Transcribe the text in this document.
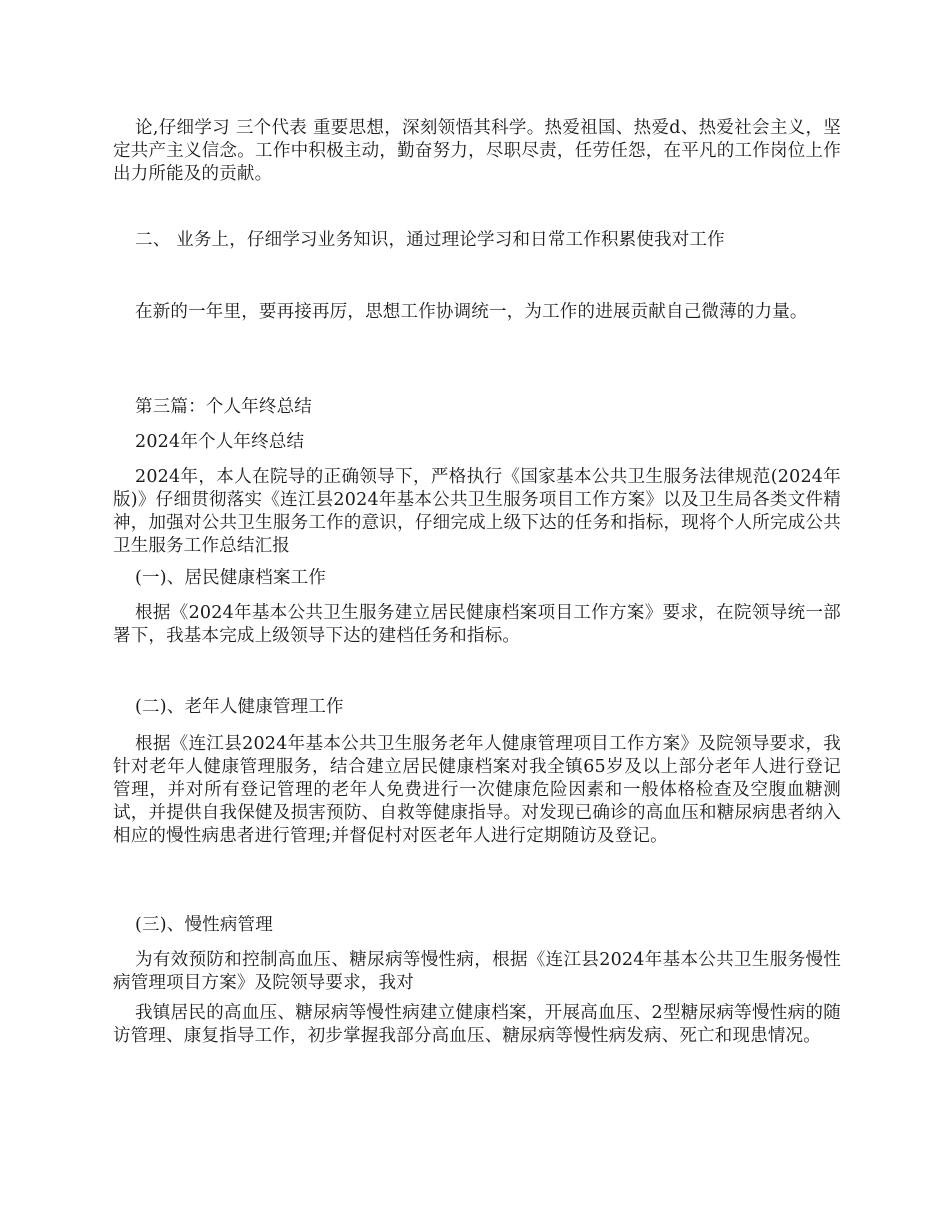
论,仔细学习 三个代表 重要思想，深刻领悟其科学。热爱祖国、热爱d、热爱社会主义，坚定共产主义信念。工作中积极主动，勤奋努力，尽职尽责，任劳任怨，在平凡的工作岗位上作出力所能及的贡献。

二、 业务上，仔细学习业务知识，通过理论学习和日常工作积累使我对工作

在新的一年里，要再接再厉，思想工作协调统一，为工作的进展贡献自己微薄的力量。

第三篇：个人年终总结

2024年个人年终总结

2024年，本人在院导的正确领导下，严格执行《国家基本公共卫生服务法律规范(2024年版)》仔细贯彻落实《连江县2024年基本公共卫生服务项目工作方案》以及卫生局各类文件精神，加强对公共卫生服务工作的意识，仔细完成上级下达的任务和指标，现将个人所完成公共卫生服务工作总结汇报

(一)、居民健康档案工作

根据《2024年基本公共卫生服务建立居民健康档案项目工作方案》要求，在院领导统一部署下，我基本完成上级领导下达的建档任务和指标。

(二)、老年人健康管理工作

根据《连江县2024年基本公共卫生服务老年人健康管理项目工作方案》及院领导要求，我针对老年人健康管理服务，结合建立居民健康档案对我全镇65岁及以上部分老年人进行登记管理，并对所有登记管理的老年人免费进行一次健康危险因素和一般体格检查及空腹血糖测试，并提供自我保健及损害预防、自救等健康指导。对发现已确诊的高血压和糖尿病患者纳入相应的慢性病患者进行管理;并督促村对医老年人进行定期随访及登记。

(三)、慢性病管理

为有效预防和控制高血压、糖尿病等慢性病，根据《连江县2024年基本公共卫生服务慢性病管理项目方案》及院领导要求，我对

我镇居民的高血压、糖尿病等慢性病建立健康档案，开展高血压、2型糖尿病等慢性病的随访管理、康复指导工作，初步掌握我部分高血压、糖尿病等慢性病发病、死亡和现患情况。
